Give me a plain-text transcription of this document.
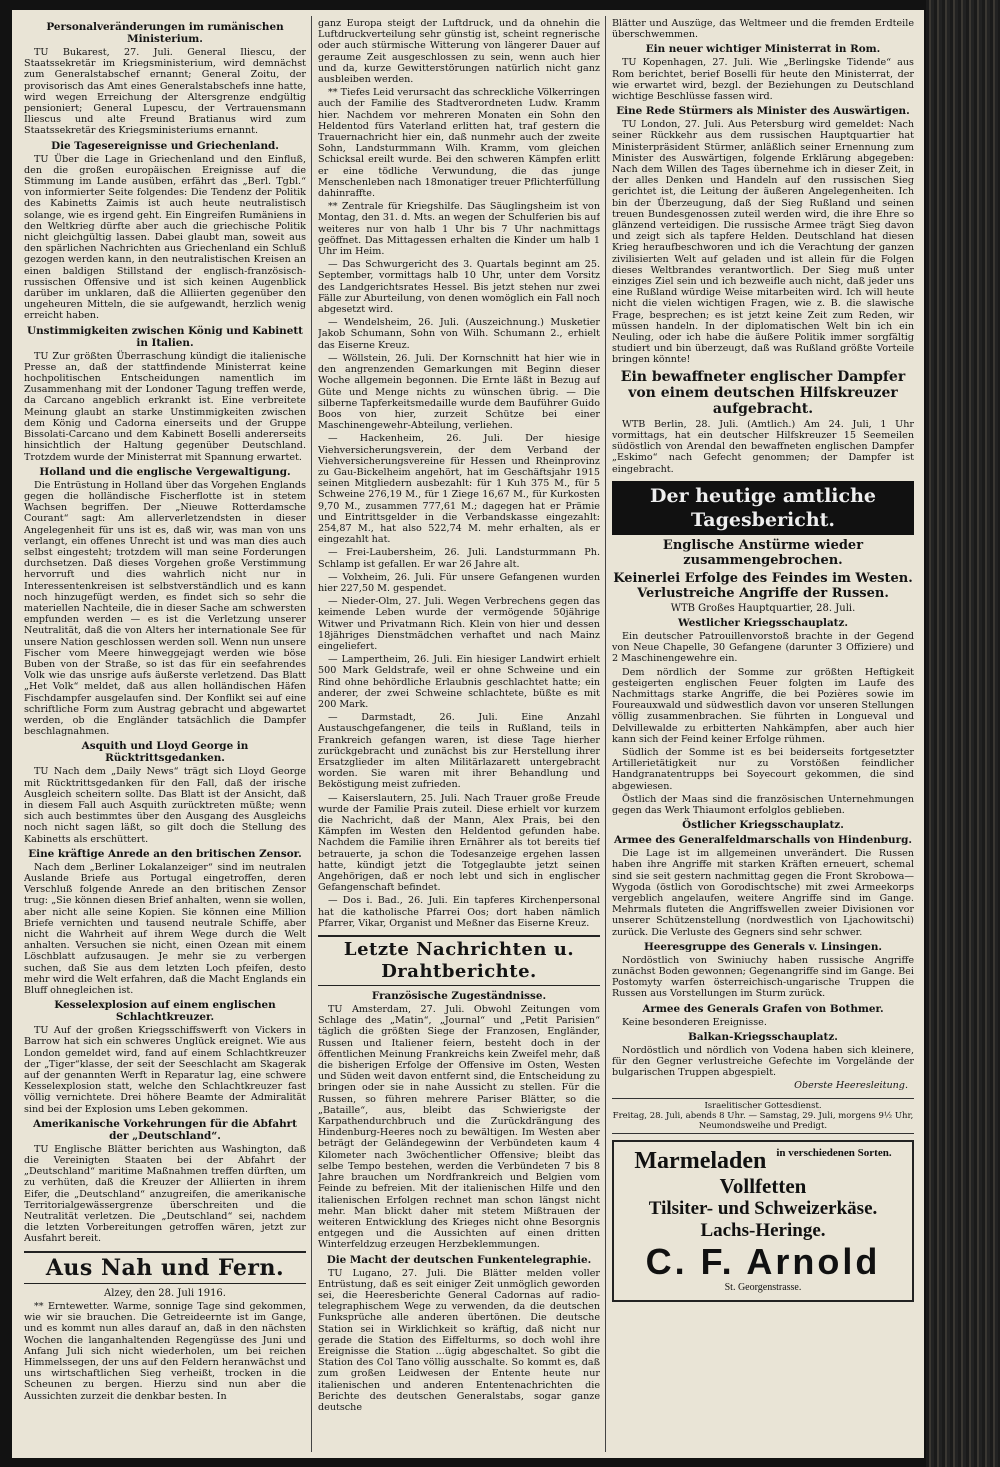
Personalveränderungen im rumänischen Ministerium.

TU Bukarest, 27. Juli. General Iliescu, der Staatssekretär im Kriegsministerium, wird demnächst zum Generalstabschef ernannt; General Zoitu, der provisorisch das Amt eines Generalstabschefs inne hatte, wird wegen Erreichung der Altersgrenze endgültig pensioniert; General Lupescu, der Vertrauensmann Iliescus und alte Freund Bratianus wird zum Staatssekretär des Kriegsministeriums ernannt.

Die Tagesereignisse und Griechenland.

TU Über die Lage in Griechenland und den Einfluß, den die großen europäischen Ereignisse auf die Stimmung im Lande ausüben, erfährt das „Berl. Tgbl.“ von informierter Seite folgendes: Die Tendenz der Politik des Kabinetts Zaimis ist auch heute neutralistisch solange, wie es irgend geht. Ein Eingreifen Rumäniens in den Weltkrieg dürfte aber auch die griechische Politik nicht gleichgültig lassen. Dabei glaubt man, soweit aus den spärlichen Nachrichten aus Griechenland ein Schluß gezogen werden kann, in den neutralistischen Kreisen an einen baldigen Stillstand der englisch-französisch-russischen Offensive und ist sich keinen Augenblick darüber im unklaren, daß die Alliierten gegenüber den ungeheuren Mitteln, die sie aufgewandt, herzlich wenig erreicht haben.

Unstimmigkeiten zwischen König und Kabinett in Italien.

TU Zur größten Überraschung kündigt die italienische Presse an, daß der stattfindende Ministerrat keine hochpolitischen Entscheidungen namentlich im Zusammenhang mit der Londoner Tagung treffen werde, da Carcano angeblich erkrankt ist. Eine verbreitete Meinung glaubt an starke Unstimmigkeiten zwischen dem König und Cadorna einerseits und der Gruppe Bissolati-Carcano und dem Kabinett Boselli andererseits hinsichtlich der Haltung gegenüber Deutschland. Trotzdem wurde der Ministerrat mit Spannung erwartet.

Holland und die englische Vergewaltigung.

Die Entrüstung in Holland über das Vorgehen Englands gegen die holländische Fischerflotte ist in stetem Wachsen begriffen. Der „Nieuwe Rotterdamsche Courant“ sagt: Am allerverletzendsten in dieser Angelegenheit für uns ist es, daß wir, was man von uns verlangt, ein offenes Unrecht ist und was man dies auch selbst eingesteht; trotzdem will man seine Forderungen durchsetzen. Daß dieses Vorgehen große Verstimmung hervorruft und dies wahrlich nicht nur in Interessentenkreisen ist selbstverständlich und es kann noch hinzugefügt werden, es findet sich so sehr die materiellen Nachteile, die in dieser Sache am schwersten empfunden werden — es ist die Verletzung unserer Neutralität, daß die von Alters her internationale See für unsere Nation geschlossen werden soll. Wenn nun unsere Fischer vom Meere hinweggejagt werden wie böse Buben von der Straße, so ist das für ein seefahrendes Volk wie das unsrige aufs äußerste verletzend. Das Blatt „Het Volk“ meldet, daß aus allen holländischen Häfen Fischdampfer ausgelaufen sind. Der Konflikt sei auf eine schriftliche Form zum Austrag gebracht und abgewartet werden, ob die Engländer tatsächlich die Dampfer beschlagnahmen.

Asquith und Lloyd George in Rücktrittsgedanken.

TU Nach dem „Daily News“ trägt sich Lloyd George mit Rücktrittsgedanken für den Fall, daß der irische Ausgleich scheitern sollte. Das Blatt ist der Ansicht, daß in diesem Fall auch Asquith zurücktreten müßte; wenn sich auch bestimmtes über den Ausgang des Ausgleichs noch nicht sagen läßt, so gilt doch die Stellung des Kabinetts als erschüttert.

Eine kräftige Anrede an den britischen Zensor.

Nach dem „Berliner Lokalanzeiger“ sind im neutralen Auslande Briefe aus Portugal eingetroffen, deren Verschluß folgende Anrede an den britischen Zensor trug: „Sie können diesen Brief anhalten, wenn sie wollen, aber nicht alle seine Kopien. Sie können eine Million Briefe vernichten und tausend neutrale Schiffe, aber nicht die Wahrheit auf ihrem Wege durch die Welt anhalten. Versuchen sie nicht, einen Ozean mit einem Löschblatt aufzusaugen. Je mehr sie zu verbergen suchen, daß Sie aus dem letzten Loch pfeifen, desto mehr wird die Welt erfahren, daß die Macht Englands ein Bluff ohnegleichen ist.

Kesselexplosion auf einem englischen Schlachtkreuzer.

TU Auf der großen Kriegsschiffswerft von Vickers in Barrow hat sich ein schweres Unglück ereignet. Wie aus London gemeldet wird, fand auf einem Schlachtkreuzer der „Tiger“klasse, der seit der Seeschlacht am Skagerak auf der genannten Werft in Reparatur lag, eine schwere Kesselexplosion statt, welche den Schlachtkreuzer fast völlig vernichtete. Drei höhere Beamte der Admiralität sind bei der Explosion ums Leben gekommen.

Amerikanische Vorkehrungen für die Abfahrt der „Deutschland“.

TU Englische Blätter berichten aus Washington, daß die Vereinigten Staaten bei der Abfahrt der „Deutschland“ maritime Maßnahmen treffen dürften, um zu verhüten, daß die Kreuzer der Alliierten in ihrem Eifer, die „Deutschland“ anzugreifen, die amerikanische Territorialgewässergrenze überschreiten und die Neutralität verletzen. Die „Deutschland“ sei, nachdem die letzten Vorbereitungen getroffen wären, jetzt zur Ausfahrt bereit.

Aus Nah und Fern.
Alzey, den 28. Juli 1916.

** Erntewetter. Warme, sonnige Tage sind gekommen, wie wir sie brauchen. Die Getreideernte ist im Gange, und es kommt nun alles darauf an, daß in den nächsten Wochen die langanhaltenden Regengüsse des Juni und Anfang Juli sich nicht wiederholen, um bei reichen Himmelssegen, der uns auf den Feldern heranwächst und uns wirtschaftlichen Sieg verheißt, trocken in die Scheunen zu bergen. Hierzu sind nun aber die Aussichten zurzeit die denkbar besten. In

ganz Europa steigt der Luftdruck, und da ohnehin die Luftdruckverteilung sehr günstig ist, scheint regnerische oder auch stürmische Witterung von längerer Dauer auf geraume Zeit ausgeschlossen zu sein, wenn auch hier und da, kurze Gewitterstörungen natürlich nicht ganz ausbleiben werden.

** Tiefes Leid verursacht das schreckliche Völkerringen auch der Familie des Stadtverordneten Ludw. Kramm hier. Nachdem vor mehreren Monaten ein Sohn den Heldentod fürs Vaterland erlitten hat, traf gestern die Trauernachricht hier ein, daß nunmehr auch der zweite Sohn, Landsturmmann Wilh. Kramm, vom gleichen Schicksal ereilt wurde. Bei den schweren Kämpfen erlitt er eine tödliche Verwundung, die das junge Menschenleben nach 18monatiger treuer Pflichterfüllung dahinraffte.

** Zentrale für Kriegshilfe. Das Säuglingsheim ist von Montag, den 31. d. Mts. an wegen der Schulferien bis auf weiteres nur von halb 1 Uhr bis 7 Uhr nachmittags geöffnet. Das Mittagessen erhalten die Kinder um halb 1 Uhr im Heim.

— Das Schwurgericht des 3. Quartals beginnt am 25. September, vormittags halb 10 Uhr, unter dem Vorsitz des Landgerichtsrates Hessel. Bis jetzt stehen nur zwei Fälle zur Aburteilung, von denen womöglich ein Fall noch abgesetzt wird.

— Wendelsheim, 26. Juli. (Auszeichnung.) Musketier Jakob Schumann, Sohn von Wilh. Schumann 2., erhielt das Eiserne Kreuz.

— Wöllstein, 26. Juli. Der Kornschnitt hat hier wie in den angrenzenden Gemarkungen mit Beginn dieser Woche allgemein begonnen. Die Ernte läßt in Bezug auf Güte und Menge nichts zu wünschen übrig. — Die silberne Tapferkeitsmedaille wurde dem Bauführer Guido Boos von hier, zurzeit Schütze bei einer Maschinengewehr-Abteilung, verliehen.

— Hackenheim, 26. Juli. Der hiesige Viehversicherungsverein, der dem Verband der Viehversicherungsvereine für Hessen und Rheinprovinz zu Gau-Bickelheim angehört, hat im Geschäftsjahr 1915 seinen Mitgliedern ausbezahlt: für 1 Kuh 375 M., für 5 Schweine 276,19 M., für 1 Ziege 16,67 M., für Kurkosten 9,70 M., zusammen 777,61 M.; dagegen hat er Prämie und Eintrittsgelder in die Verbandskasse eingezahlt: 254,87 M., hat also 522,74 M. mehr erhalten, als er eingezahlt hat.

— Frei-Laubersheim, 26. Juli. Landsturmmann Ph. Schlamp ist gefallen. Er war 26 Jahre alt.

— Volxheim, 26. Juli. Für unsere Gefangenen wurden hier 227,50 M. gespendet.

— Nieder-Olm, 27. Juli. Wegen Verbrechens gegen das keimende Leben wurde der vermögende 50jährige Witwer und Privatmann Rich. Klein von hier und dessen 18jähriges Dienstmädchen verhaftet und nach Mainz eingeliefert.

— Lampertheim, 26. Juli. Ein hiesiger Landwirt erhielt 500 Mark Geldstrafe, weil er ohne Schweine und ein Rind ohne behördliche Erlaubnis geschlachtet hatte; ein anderer, der zwei Schweine schlachtete, büßte es mit 200 Mark.

— Darmstadt, 26. Juli. Eine Anzahl Austauschgefangener, die teils in Rußland, teils in Frankreich gefangen waren, ist diese Tage hierher zurückgebracht und zunächst bis zur Herstellung ihrer Ersatzglieder im alten Militärlazarett untergebracht worden. Sie waren mit ihrer Behandlung und Beköstigung meist zufrieden.

— Kaiserslautern, 25. Juli. Nach Trauer große Freude wurde der Familie Prais zuteil. Diese erhielt vor kurzem die Nachricht, daß der Mann, Alex Prais, bei den Kämpfen im Westen den Heldentod gefunden habe. Nachdem die Familie ihren Ernährer als tot bereits tief betrauerte, ja schon die Todesanzeige ergehen lassen hatte, kündigt jetzt die Totgeglaubte jetzt seinen Angehörigen, daß er noch lebt und sich in englischer Gefangenschaft befindet.

— Dos i. Bad., 26. Juli. Ein tapferes Kirchenpersonal hat die katholische Pfarrei Oos; dort haben nämlich Pfarrer, Vikar, Organist und Meßner das Eiserne Kreuz.

Letzte Nachrichten u. Drahtberichte.
Französische Zugeständnisse.

TU Amsterdam, 27. Juli. Obwohl Zeitungen vom Schlage des „Matin“, „Journal“ und „Petit Parisien“ täglich die größten Siege der Franzosen, Engländer, Russen und Italiener feiern, besteht doch in der öffentlichen Meinung Frankreichs kein Zweifel mehr, daß die bisherigen Erfolge der Offensive im Osten, Westen und Süden weit davon entfernt sind, die Entscheidung zu bringen oder sie in nahe Aussicht zu stellen. Für die Russen, so führen mehrere Pariser Blätter, so die „Bataille“, aus, bleibt das Schwierigste der Karpathendurchbruch und die Zurückdrängung des Hindenburg-Heeres noch zu bewältigen. Im Westen aber beträgt der Geländegewinn der Verbündeten kaum 4 Kilometer nach 3wöchentlicher Offensive; bleibt das selbe Tempo bestehen, werden die Verbündeten 7 bis 8 Jahre brauchen um Nordfrankreich und Belgien vom Feinde zu befreien. Mit der italienischen Hilfe und den italienischen Erfolgen rechnet man schon längst nicht mehr. Man blickt daher mit stetem Mißtrauen der weiteren Entwicklung des Krieges nicht ohne Besorgnis entgegen und die Aussichten auf einen dritten Winterfeldzug erzeugen Herzbeklemmungen.

Die Macht der deutschen Funkentelegraphie.

TU Lugano, 27. Juli. Die Blätter melden voller Entrüstung, daß es seit einiger Zeit unmöglich geworden sei, die Heeresberichte General Cadornas auf radio-telegraphischem Wege zu verwenden, da die deutschen Funksprüche alle anderen übertönen. Die deutsche Station sei in Wirklichkeit so kräftig, daß nicht nur gerade die Station des Eiffelturms, so doch wohl ihre Ereignisse die Station ...ügig abgeschaltet. So gibt die Station des Col Tano völlig ausschalte. So kommt es, daß zum großen Leidwesen der Entente heute nur italienischen und anderen Ententenachrichten die Berichte des deutschen Generalstabs, sogar ganze deutsche

Blätter und Auszüge, das Weltmeer und die fremden Erdteile überschwemmen.

Ein neuer wichtiger Ministerrat in Rom.

TU Kopenhagen, 27. Juli. Wie „Berlingske Tidende“ aus Rom berichtet, berief Boselli für heute den Ministerrat, der wie erwartet wird, bezgl. der Beziehungen zu Deutschland wichtige Beschlüsse fassen wird.

Eine Rede Stürmers als Minister des Auswärtigen.

TU London, 27. Juli. Aus Petersburg wird gemeldet: Nach seiner Rückkehr aus dem russischen Hauptquartier hat Ministerpräsident Stürmer, anläßlich seiner Ernennung zum Minister des Auswärtigen, folgende Erklärung abgegeben: Nach dem Willen des Tages übernehme ich in dieser Zeit, in der alles Denken und Handeln auf den russischen Sieg gerichtet ist, die Leitung der äußeren Angelegenheiten. Ich bin der Überzeugung, daß der Sieg Rußland und seinen treuen Bundesgenossen zuteil werden wird, die ihre Ehre so glänzend verteidigen. Die russische Armee trägt Sieg davon und zeigt sich als tapfere Helden. Deutschland hat diesen Krieg heraufbeschworen und ich die Verachtung der ganzen zivilisierten Welt auf geladen und ist allein für die Folgen dieses Weltbrandes verantwortlich. Der Sieg muß unter einziges Ziel sein und ich bezweifle auch nicht, daß jeder uns eine Rußland würdige Weise mitarbeiten wird. Ich will heute nicht die vielen wichtigen Fragen, wie z. B. die slawische Frage, besprechen; es ist jetzt keine Zeit zum Reden, wir müssen handeln. In der diplomatischen Welt bin ich ein Neuling, oder ich habe die äußere Politik immer sorgfältig studiert und bin überzeugt, daß was Rußland größte Vorteile bringen könnte!

Ein bewaffneter englischer Dampfer von einem deutschen Hilfskreuzer aufgebracht.

WTB Berlin, 28. Juli. (Amtlich.) Am 24. Juli, 1 Uhr vormittags, hat ein deutscher Hilfskreuzer 15 Seemeilen südöstlich von Arendal den bewaffneten englischen Dampfer „Eskimo“ nach Gefecht genommen; der Dampfer ist eingebracht.

Der heutige amtliche Tagesbericht.
Englische Anstürme wieder zusammengebrochen.
Keinerlei Erfolge des Feindes im Westen. Verlustreiche Angriffe der Russen.
WTB Großes Hauptquartier, 28. Juli.
Westlicher Kriegsschauplatz.

Ein deutscher Patrouillenvorstoß brachte in der Gegend von Neue Chapelle, 30 Gefangene (darunter 3 Offiziere) und 2 Maschinengewehre ein.

Dem nördlich der Somme zur größten Heftigkeit gesteigerten englischen Feuer folgten im Laufe des Nachmittags starke Angriffe, die bei Pozières sowie im Foureauxwald und südwestlich davon vor unseren Stellungen völlig zusammenbrachen. Sie führten in Longueval und Delvillewalde zu erbitterten Nahkämpfen, aber auch hier kann sich der Feind keiner Erfolge rühmen.

Südlich der Somme ist es bei beiderseits fortgesetzter Artillerietätigkeit nur zu Vorstößen feindlicher Handgranatentrupps bei Soyecourt gekommen, die sind abgewiesen.

Östlich der Maas sind die französischen Unternehmungen gegen das Werk Thiaumont erfolglos geblieben.

Östlicher Kriegsschauplatz.
Armee des Generalfeldmarschalls von Hindenburg.

Die Lage ist im allgemeinen unverändert. Die Russen haben ihre Angriffe mit starken Kräften erneuert, schemal sind sie seit gestern nachmittag gegen die Front Skrobowa—Wygoda (östlich von Gorodischtsche) mit zwei Armeekorps vergeblich angelaufen, weitere Angriffe sind im Gange. Mehrmals fluteten die Angriffswellen zweier Divisionen vor unserer Schützenstellung (nordwestlich von Ljachowitschi) zurück. Die Verluste des Gegners sind sehr schwer.

Heeresgruppe des Generals v. Linsingen.

Nordöstlich von Swiniuchy haben russische Angriffe zunächst Boden gewonnen; Gegenangriffe sind im Gange. Bei Postomyty warfen österreichisch-ungarische Truppen die Russen aus Vorstellungen im Sturm zurück.

Armee des Generals Grafen von Bothmer.

Keine besonderen Ereignisse.

Balkan-Kriegsschauplatz.

Nordöstlich und nördlich von Vodena haben sich kleinere, für den Gegner verlustreiche Gefechte im Vorgelände der bulgarischen Truppen abgespielt.

Oberste Heeresleitung.
Israelitischer Gottesdienst.
Freitag, 28. Juli, abends 8 Uhr. — Samstag, 29. Juli, morgens 9½ Uhr, Neumondsweihe und Predigt.
Marmeladen in verschiedenen Sorten.
Vollfetten
Tilsiter- und Schweizerkäse.
Lachs-Heringe.
C. F. Arnold
St. Georgenstrasse.
